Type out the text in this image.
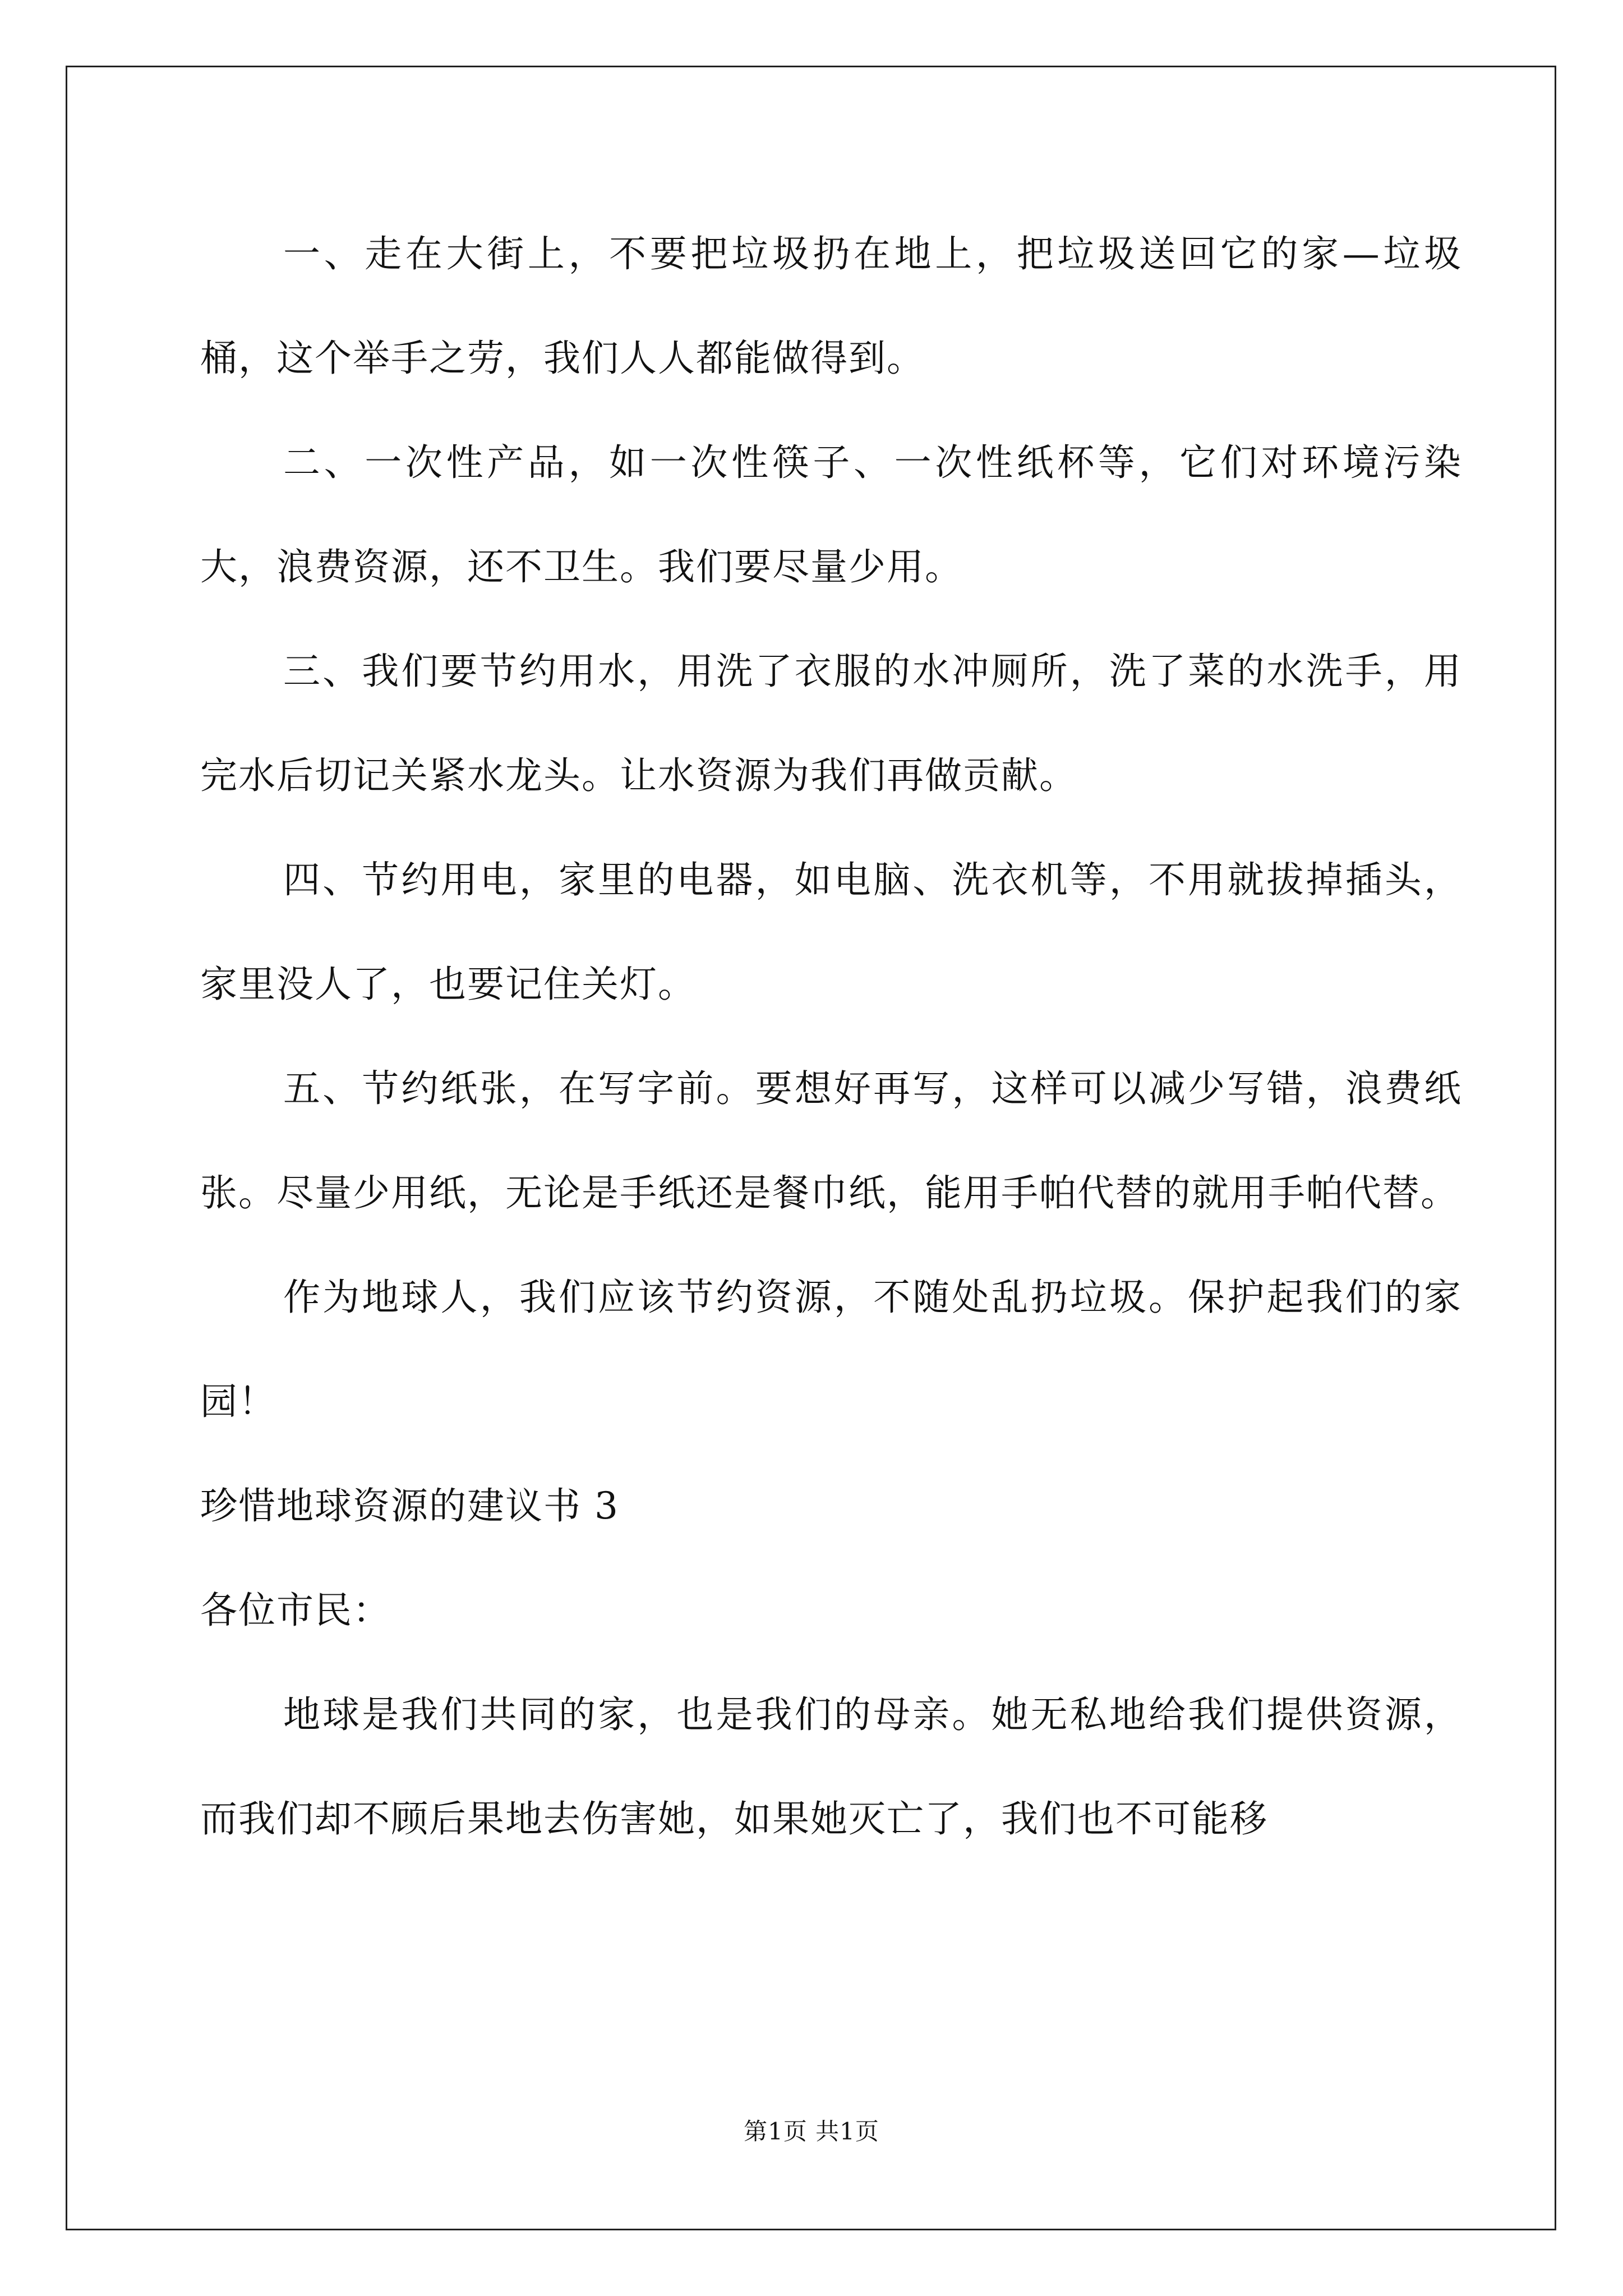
一、走在大街上，不要把垃圾扔在地上，把垃圾送回它的家—垃圾桶，这个举手之劳，我们人人都能做得到。

二、一次性产品，如一次性筷子、一次性纸杯等，它们对环境污染大，浪费资源，还不卫生。我们要尽量少用。

三、我们要节约用水，用洗了衣服的水冲厕所，洗了菜的水洗手，用完水后切记关紧水龙头。让水资源为我们再做贡献。

四、节约用电，家里的电器，如电脑、洗衣机等，不用就拔掉插头，家里没人了，也要记住关灯。

五、节约纸张，在写字前。要想好再写，这样可以减少写错，浪费纸张。尽量少用纸，无论是手纸还是餐巾纸，能用手帕代替的就用手帕代替。

作为地球人，我们应该节约资源，不随处乱扔垃圾。保护起我们的家园！

珍惜地球资源的建议书 3

各位市民：

地球是我们共同的家，也是我们的母亲。她无私地给我们提供资源，而我们却不顾后果地去伤害她，如果她灭亡了，我们也不可能移

第1页 共1页
